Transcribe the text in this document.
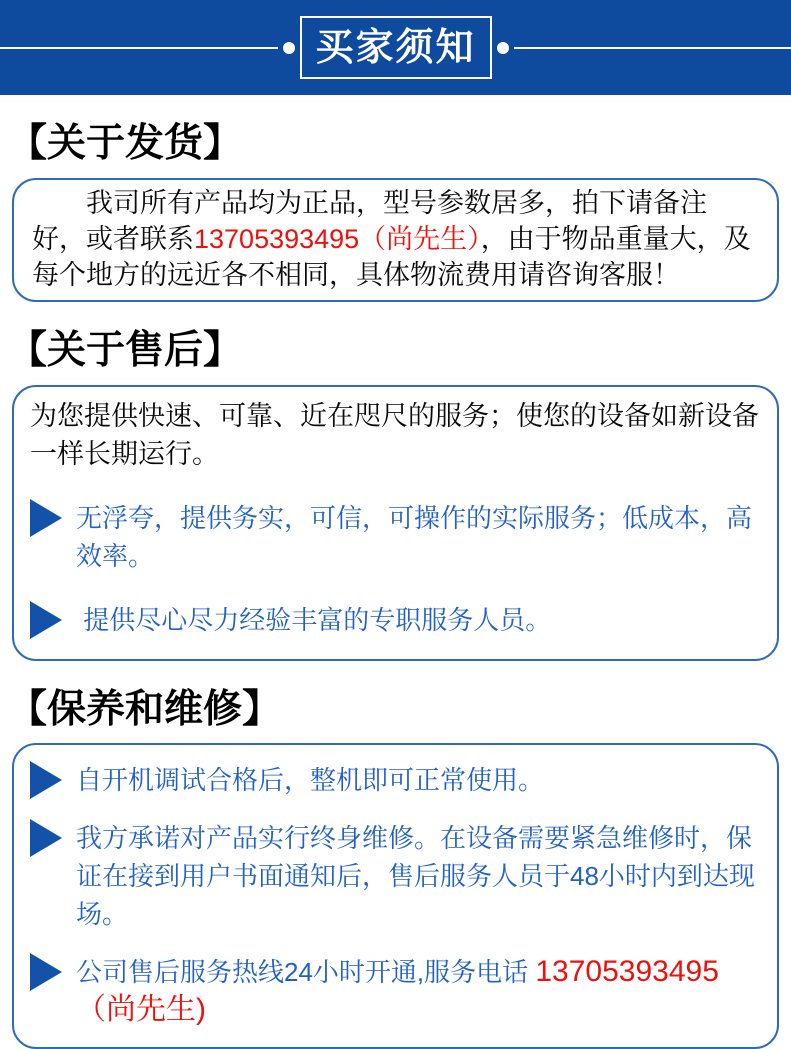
买家须知
【关于发货】

我司所有产品均为正品，型号参数居多，拍下请备注好，或者联系13705393495（尚先生），由于物品重量大，及每个地方的远近各不相同，具体物流费用请咨询客服！

【关于售后】

为您提供快速、可靠、近在咫尺的服务；使您的设备如新设备一样长期运行。

无浮夸，提供务实，可信，可操作的实际服务；低成本，高效率。
提供尽心尽力经验丰富的专职服务人员。
【保养和维修】
自开机调试合格后，整机即可正常使用。
我方承诺对产品实行终身维修。在设备需要紧急维修时，保证在接到用户书面通知后，售后服务人员于48小时内到达现场。
公司售后服务热线24小时开通,服务电话 13705393495（尚先生)
